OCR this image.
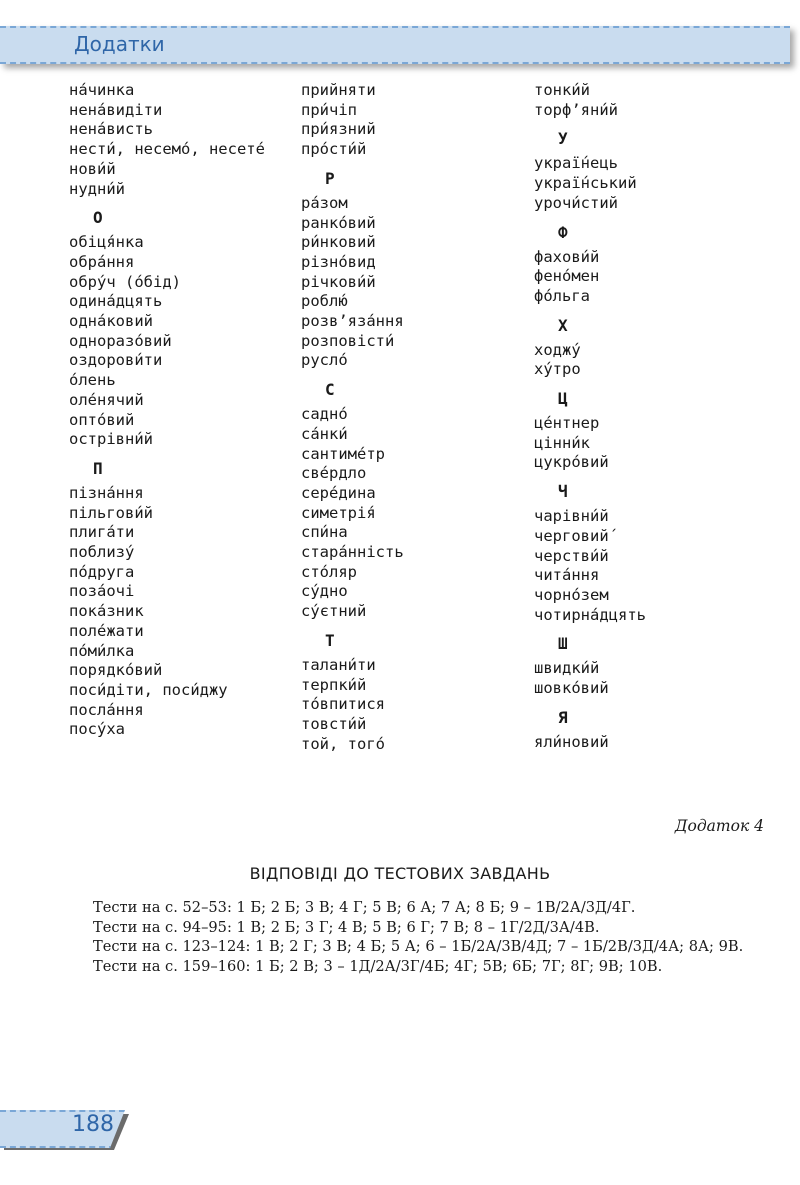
Додатки
на́чинка
нена́видіти
нена́висть
нести́, несемо́, несете́
нови́й
нудни́й
О
обіця́нка
обра́ння
обру́ч (о́бід)
одина́дцять
одна́ковий
одноразо́вий
оздорови́ти
о́лень
оле́нячий
опто́вий
острівни́й
П
пізна́ння
пільгови́й
плига́ти
поблизу́
по́друга
поза́очі
пока́зник
поле́жати
по́ми́лка
порядко́вий
поси́діти, поси́джу
посла́ння
посу́ха
прийняти
при́чіп
при́язний
про́сти́й
Р
ра́зом
ранко́вий
ри́нковий
різно́вид
річкови́й
роблю́
розв’яза́ння
розповісти́
русло́
С
садно́
са́нки́
сантиме́тр
све́рдло
сере́дина
симетрі́я
спи́на
стара́нність
сто́ляр
су́дно
су́єтний
Т
талани́ти
терпки́й
то́впитися
товсти́й
той, того́
тонки́й
торф’яни́й
У
украї́нець
украї́нський
урочи́стий
Ф
фахови́й
фено́мен
фо́льга
Х
ходжу́
ху́тро
Ц
це́нтнер
цінни́к
цукро́вий
Ч
чарівни́й
черговий́
черстви́й
чита́ння
чорно́зем
чотирна́дцять
Ш
швидки́й
шовко́вий
Я
яли́новий
Додаток 4
ВІДПОВІДІ ДО ТЕСТОВИХ ЗАВДАНЬ

Тести на с. 52–53: 1 Б; 2 Б; 3 В; 4 Г; 5 В; 6 А; 7 А; 8 Б; 9 – 1В/2А/3Д/4Г.

Тести на с. 94–95: 1 В; 2 Б; 3 Г; 4 В; 5 В; 6 Г; 7 В; 8 – 1Г/2Д/3А/4В.

Тести на с. 123–124: 1 В; 2 Г; 3 В; 4 Б; 5 А; 6 – 1Б/2А/3В/4Д; 7 – 1Б/2В/3Д/4А; 8А; 9В.

Тести на с. 159–160: 1 Б; 2 В; 3 – 1Д/2А/3Г/4Б; 4Г; 5В; 6Б; 7Г; 8Г; 9В; 10В.

188
